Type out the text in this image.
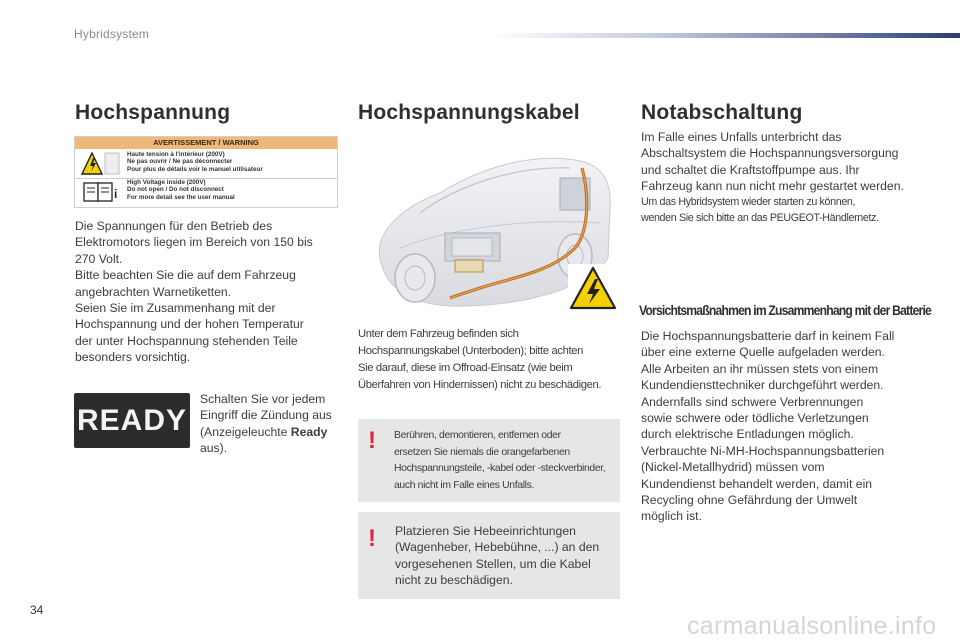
Hybridsystem
Hochspannung
AVERTISSEMENT / WARNING
Haute tension à l'intérieur (200V)
Ne pas ouvrir / Ne pas déconnecter
Pour plus de détails voir le manuel utilisateur
i
High Voltage inside (200V)
Do not open / Do not disconnect
For more detail see the user manual
Die Spannungen für den Betrieb des
Elektromotors liegen im Bereich von 150 bis
270 Volt.
Bitte beachten Sie die auf dem Fahrzeug
angebrachten Warnetiketten.
Seien Sie im Zusammenhang mit der
Hochspannung und der hohen Temperatur
der unter Hochspannung stehenden Teile
besonders vorsichtig.
READY
Schalten Sie vor jedem
Eingriff die Zündung aus
(Anzeigeleuchte Ready
aus).
Hochspannungskabel
Unter dem Fahrzeug befinden sich
Hochspannungskabel (Unterboden); bitte achten
Sie darauf, diese im Offroad-Einsatz (wie beim
Überfahren von Hindernissen) nicht zu beschädigen.
! Berühren, demontieren, entfernen oder
ersetzen Sie niemals die orangefarbenen
Hochspannungsteile, -kabel oder -steckverbinder,
auch nicht im Falle eines Unfalls.
! Platzieren Sie Hebeeinrichtungen
(Wagenheber, Hebebühne, ...) an den
vorgesehenen Stellen, um die Kabel
nicht zu beschädigen.
Notabschaltung
Im Falle eines Unfalls unterbricht das
Abschaltsystem die Hochspannungsversorgung
und schaltet die Kraftstoffpumpe aus. Ihr
Fahrzeug kann nun nicht mehr gestartet werden.
Um das Hybridsystem wieder starten zu können,
wenden Sie sich bitte an das PEUGEOT-Händlernetz.
Vorsichtsmaßnahmen im Zusammenhang mit der Batterie
Die Hochspannungsbatterie darf in keinem Fall
über eine externe Quelle aufgeladen werden.
Alle Arbeiten an ihr müssen stets von einem
Kundendiensttechniker durchgeführt werden.
Andernfalls sind schwere Verbrennungen
sowie schwere oder tödliche Verletzungen
durch elektrische Entladungen möglich.
Verbrauchte Ni-MH-Hochspannungsbatterien
(Nickel-Metallhydrid) müssen vom
Kundendienst behandelt werden, damit ein
Recycling ohne Gefährdung der Umwelt
möglich ist.
34
carmanualsonline.info
